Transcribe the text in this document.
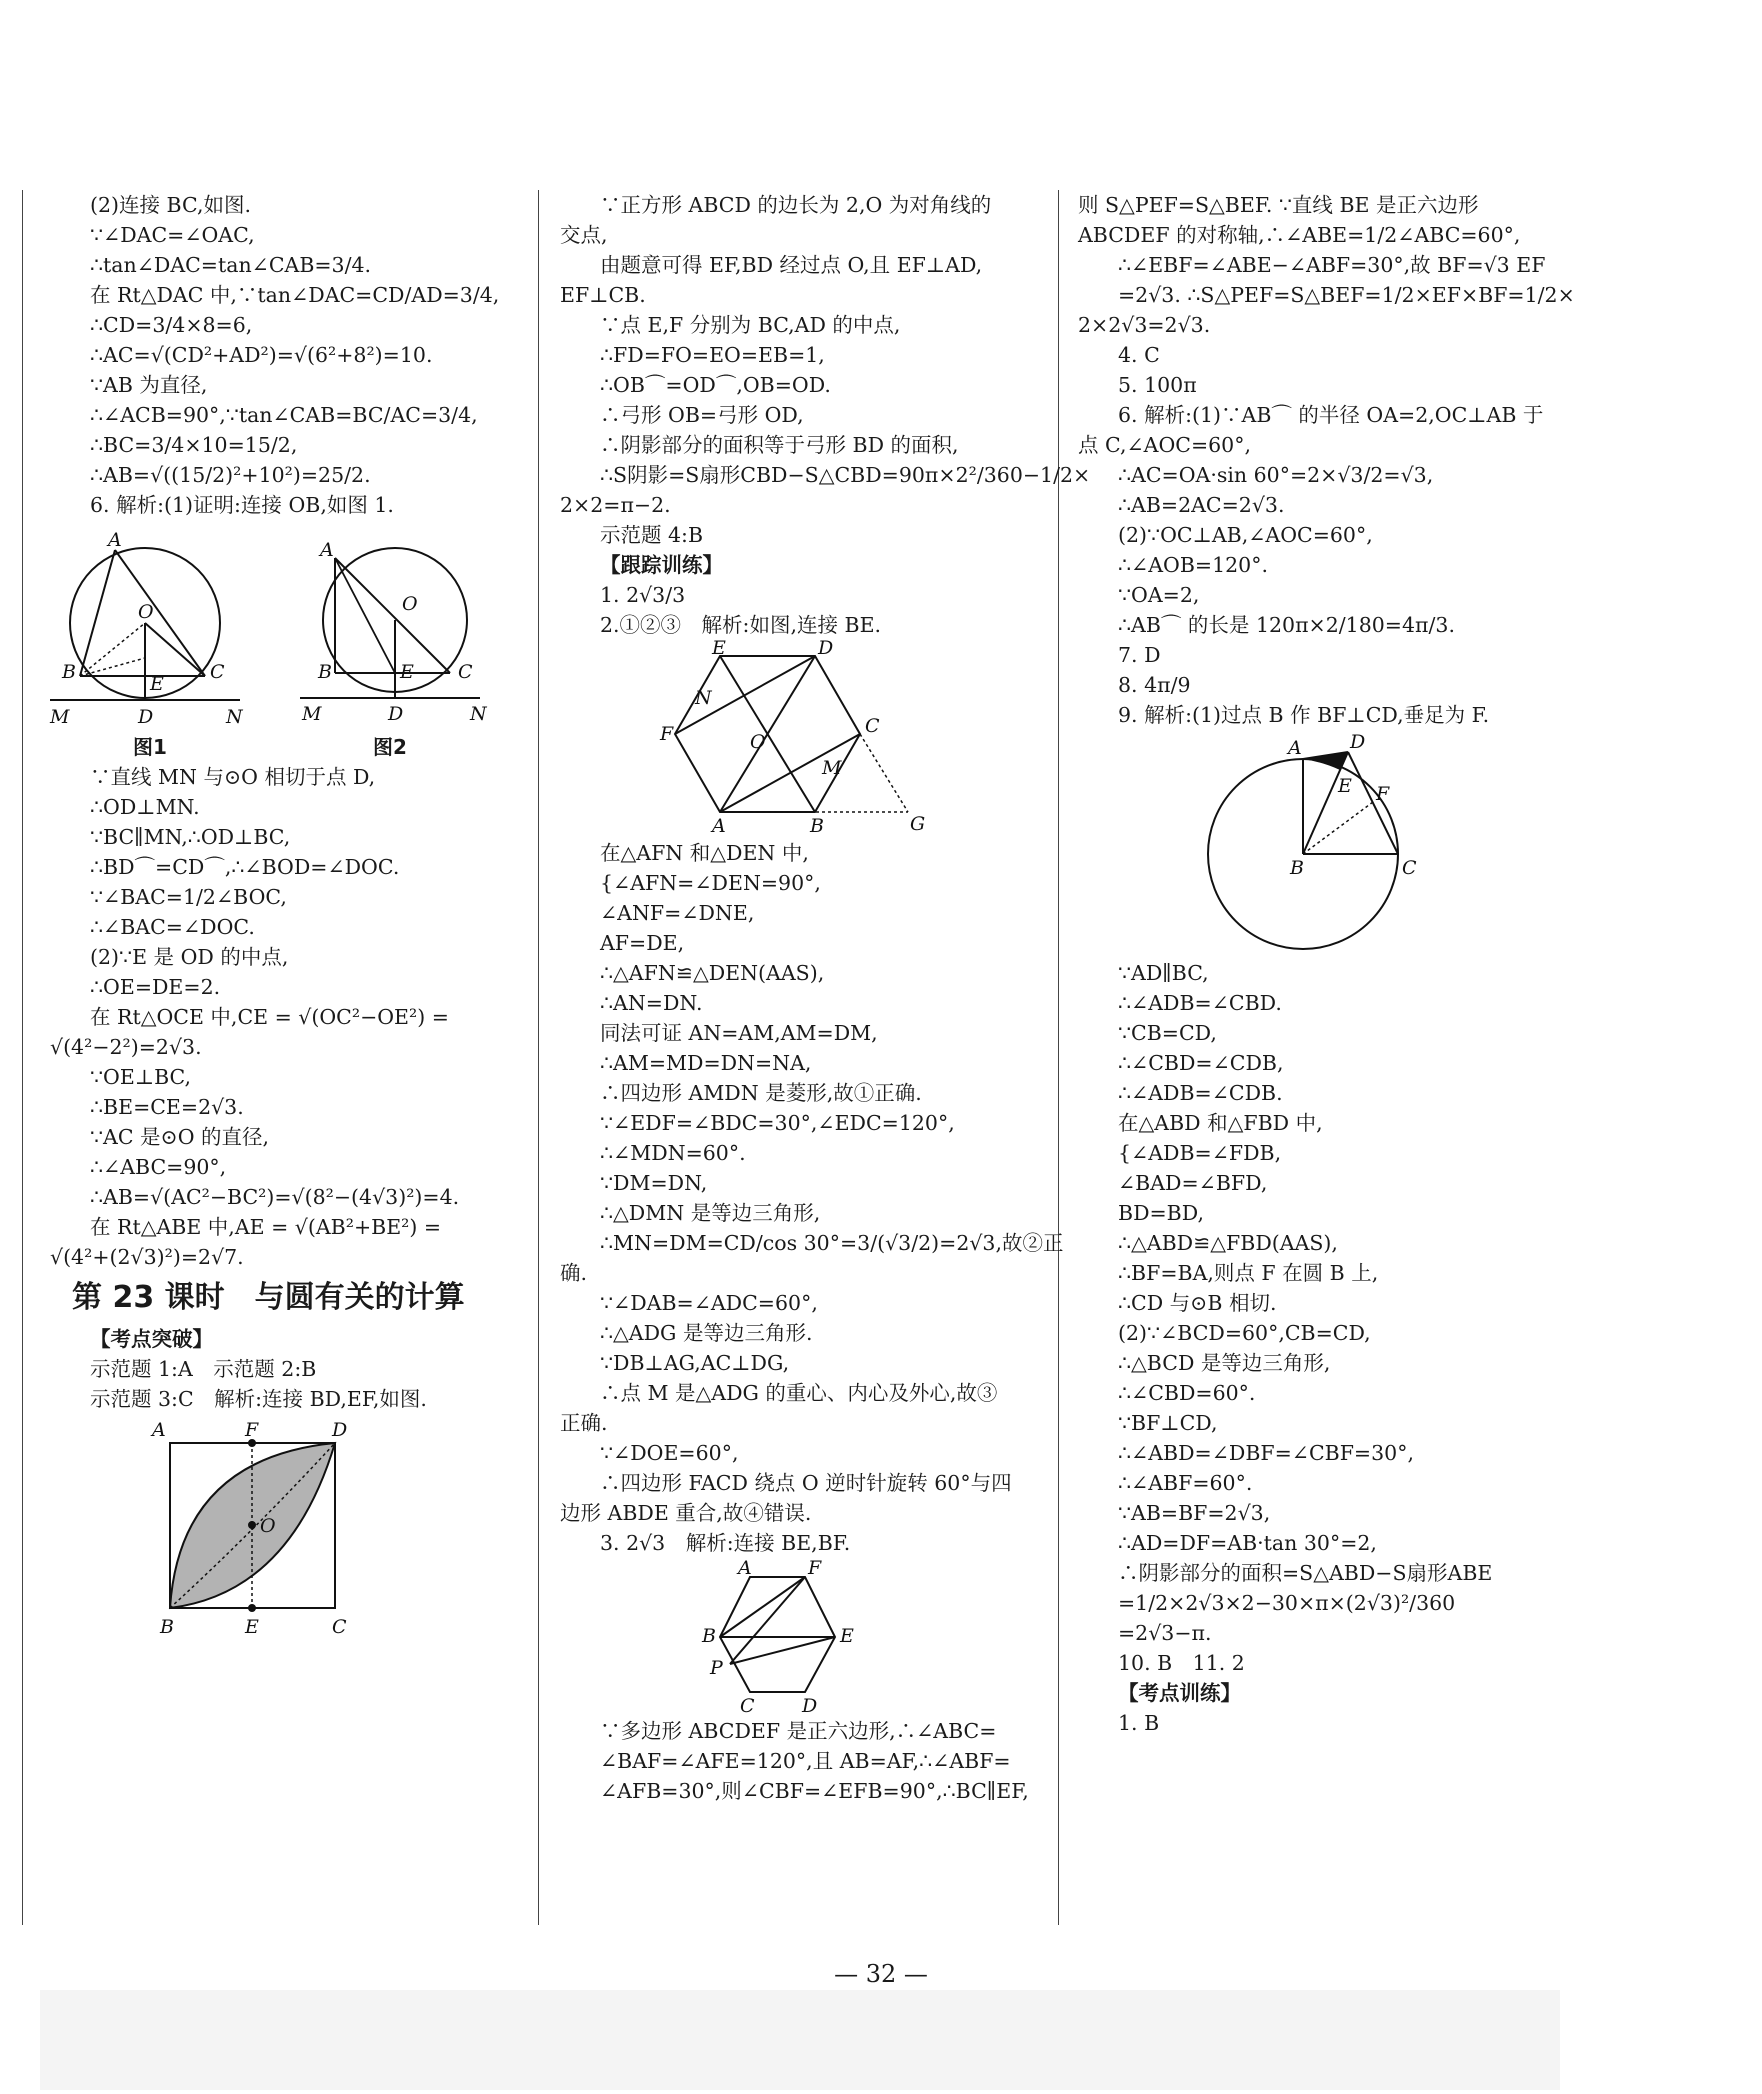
(2)连接 BC,如图.
∵∠DAC=∠OAC,
∴tan∠DAC=tan∠CAB=3/4.
在 Rt△DAC 中,∵tan∠DAC=CD/AD=3/4,
∴CD=3/4×8=6,
∴AC=√(CD²+AD²)=√(6²+8²)=10.
∵AB 为直径,
∴∠ACB=90°,∵tan∠CAB=BC/AC=3/4,
∴BC=3/4×10=15/2,
∴AB=√((15/2)²+10²)=25/2.
6. 解析:(1)证明:连接 OB,如图 1.
A
O
B	C
E
D
M	N
图1
A
O
B	C
E
D
M	N
图2
∵直线 MN 与⊙O 相切于点 D,
∴OD⊥MN.
∵BC∥MN,∴OD⊥BC,
∴BD⌒=CD⌒,∴∠BOD=∠DOC.
∵∠BAC=1/2∠BOC,
∴∠BAC=∠DOC.
(2)∵E 是 OD 的中点,
∴OE=DE=2.
在 Rt△OCE 中,CE = √(OC²−OE²) =
√(4²−2²)=2√3.
∵OE⊥BC,
∴BE=CE=2√3.
∵AC 是⊙O 的直径,
∴∠ABC=90°,
∴AB=√(AC²−BC²)=√(8²−(4√3)²)=4.
在 Rt△ABE 中,AE = √(AB²+BE²) =
√(4²+(2√3)²)=2√7.
第 23 课时　与圆有关的计算
【考点突破】
示范题 1:A　示范题 2:B
示范题 3:C　解析:连接 BD,EF,如图.
A	F	D
O
B	E	C
∵正方形 ABCD 的边长为 2,O 为对角线的
交点,
由题意可得 EF,BD 经过点 O,且 EF⊥AD,
EF⊥CB.
∵点 E,F 分别为 BC,AD 的中点,
∴FD=FO=EO=EB=1,
∴OB⌒=OD⌒,OB=OD.
∴弓形 OB=弓形 OD,
∴阴影部分的面积等于弓形 BD 的面积,
∴S阴影=S扇形CBD−S△CBD=90π×2²/360−1/2×
2×2=π−2.
示范题 4:B
【跟踪训练】
1. 2√3/3
2.①②③　解析:如图,连接 BE.
E	D
F	C
A	B	G
N
O
M
在△AFN 和△DEN 中,
{∠AFN=∠DEN=90°,
∠ANF=∠DNE,
AF=DE,
∴△AFN≌△DEN(AAS),
∴AN=DN.
同法可证 AN=AM,AM=DM,
∴AM=MD=DN=NA,
∴四边形 AMDN 是菱形,故①正确.
∵∠EDF=∠BDC=30°,∠EDC=120°,
∴∠MDN=60°.
∵DM=DN,
∴△DMN 是等边三角形,
∴MN=DM=CD/cos 30°=3/(√3/2)=2√3,故②正
确.
∵∠DAB=∠ADC=60°,
∴△ADG 是等边三角形.
∵DB⊥AG,AC⊥DG,
∴点 M 是△ADG 的重心、内心及外心,故③
正确.
∵∠DOE=60°,
∴四边形 FACD 绕点 O 逆时针旋转 60°与四
边形 ABDE 重合,故④错误.
3. 2√3　解析:连接 BE,BF.
A	F
B	E
P
C D
∵多边形 ABCDEF 是正六边形,∴∠ABC=
∠BAF=∠AFE=120°,且 AB=AF,∴∠ABF=
∠AFB=30°,则∠CBF=∠EFB=90°,∴BC∥EF,
则 S△PEF=S△BEF. ∵直线 BE 是正六边形
ABCDEF 的对称轴,∴∠ABE=1/2∠ABC=60°,
∴∠EBF=∠ABE−∠ABF=30°,故 BF=√3 EF
=2√3. ∴S△PEF=S△BEF=1/2×EF×BF=1/2×
2×2√3=2√3.
4. C
5. 100π
6. 解析:(1)∵AB⌒ 的半径 OA=2,OC⊥AB 于
点 C,∠AOC=60°,
∴AC=OA·sin 60°=2×√3/2=√3,
∴AB=2AC=2√3.
(2)∵OC⊥AB,∠AOC=60°,
∴∠AOB=120°.
∵OA=2,
∴AB⌒ 的长是 120π×2/180=4π/3.
7. D
8. 4π/9
9. 解析:(1)过点 B 作 BF⊥CD,垂足为 F.
A	D
E F
B	C
∵AD∥BC,
∴∠ADB=∠CBD.
∵CB=CD,
∴∠CBD=∠CDB,
∴∠ADB=∠CDB.
在△ABD 和△FBD 中,
{∠ADB=∠FDB,
∠BAD=∠BFD,
BD=BD,
∴△ABD≌△FBD(AAS),
∴BF=BA,则点 F 在圆 B 上,
∴CD 与⊙B 相切.
(2)∵∠BCD=60°,CB=CD,
∴△BCD 是等边三角形,
∴∠CBD=60°.
∵BF⊥CD,
∴∠ABD=∠DBF=∠CBF=30°,
∴∠ABF=60°.
∵AB=BF=2√3,
∴AD=DF=AB·tan 30°=2,
∴阴影部分的面积=S△ABD−S扇形ABE
=1/2×2√3×2−30×π×(2√3)²/360
=2√3−π.
10. B　11. 2
【考点训练】
1. B
— 32 —
